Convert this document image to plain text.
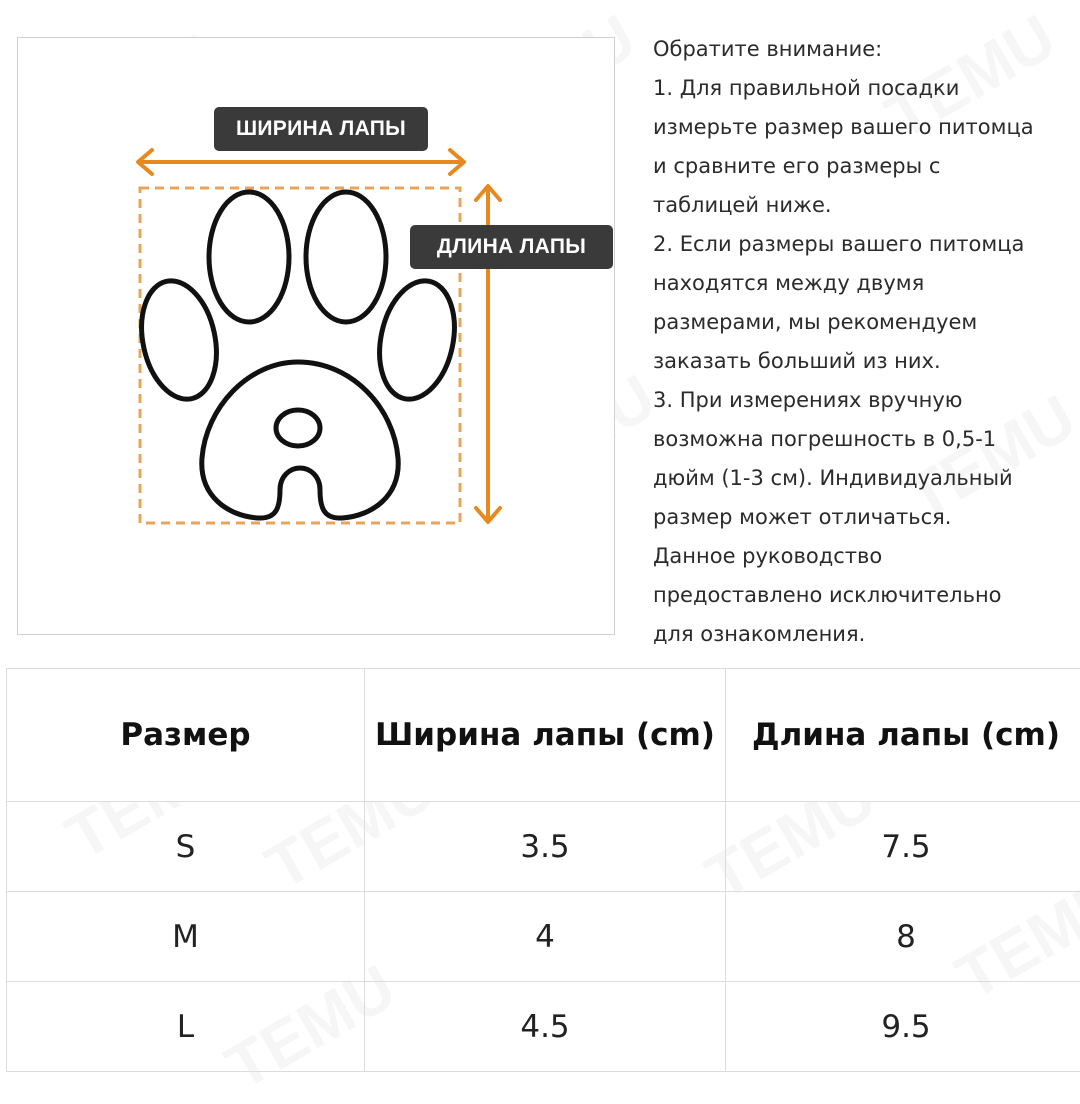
ШИРИНА ЛАПЫ
ДЛИНА ЛАПЫ
Обратите внимание:
1. Для правильной посадки
измерьте размер вашего питомца
и сравните его размеры с
таблицей ниже.
2. Если размеры вашего питомца
находятся между двумя
размерами, мы рекомендуем
заказать больший из них.
3. При измерениях вручную
возможна погрешность в 0,5-1
дюйм (1-3 см). Индивидуальный
размер может отличаться.
Данное руководство
предоставлено исключительно
для ознакомления.
Размер	Ширина лапы (cm)	Длина лапы (cm)
S	3.5	7.5
M	4	8
L	4.5	9.5
